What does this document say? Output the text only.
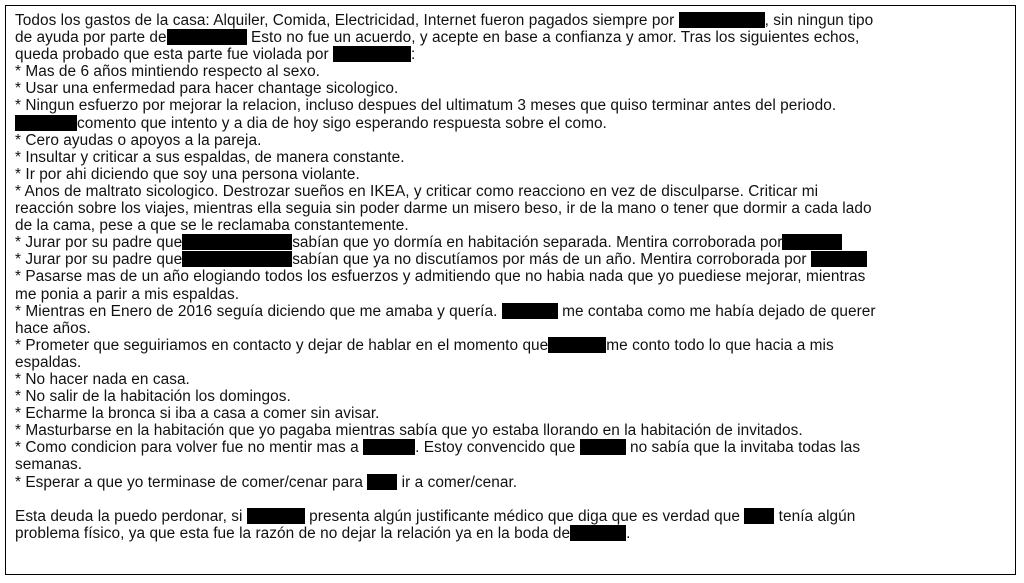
Todos los gastos de la casa: Alquiler, Comida, Electricidad, Internet fueron pagados siempre por	, sin ningun tipo
de ayuda por parte de	Esto no fue un acuerdo, y acepte en base a confianza y amor. Tras los siguientes echos,
queda probado que esta parte fue violada por	:
* Mas de 6 años mintiendo respecto al sexo.
* Usar una enfermedad para hacer chantage sicologico.
* Ningun esfuerzo por mejorar la relacion, incluso despues del ultimatum 3 meses que quiso terminar antes del periodo.
comento que intento y a dia de hoy sigo esperando respuesta sobre el como.
* Cero ayudas o apoyos a la pareja.
* Insultar y criticar a sus espaldas, de manera constante.
* Ir por ahi diciendo que soy una persona violante.
* Anos de maltrato sicologico. Destrozar sueños en IKEA, y criticar como reacciono en vez de disculparse. Criticar mi
reacción sobre los viajes, mientras ella seguia sin poder darme un misero beso, ir de la mano o tener que dormir a cada lado
de la cama, pese a que se le reclamaba constantemente.
* Jurar por su padre que	sabían que yo dormía en habitación separada. Mentira corroborada por
* Jurar por su padre que	sabían que ya no discutíamos por más de un año. Mentira corroborada por
* Pasarse mas de un año elogiando todos los esfuerzos y admitiendo que no habia nada que yo puediese mejorar, mientras
me ponia a parir a mis espaldas.
* Mientras en Enero de 2016 seguía diciendo que me amaba y quería.	me contaba como me había dejado de querer
hace años.
* Prometer que seguiriamos en contacto y dejar de hablar en el momento que	me conto todo lo que hacia a mis
espaldas.
* No hacer nada en casa.
* No salir de la habitación los domingos.
* Echarme la bronca si iba a casa a comer sin avisar.
* Masturbarse en la habitación que yo pagaba mientras sabía que yo estaba llorando en la habitación de invitados.
* Como condicion para volver fue no mentir mas a	. Estoy convencido que	no sabía que la invitaba todas las
semanas.
* Esperar a que yo terminase de comer/cenar para  ir a comer/cenar.
Esta deuda la puedo perdonar, si	presenta algún justificante médico que diga que es verdad que  tenía algún
problema físico, ya que esta fue la razón de no dejar la relación ya en la boda de	.
